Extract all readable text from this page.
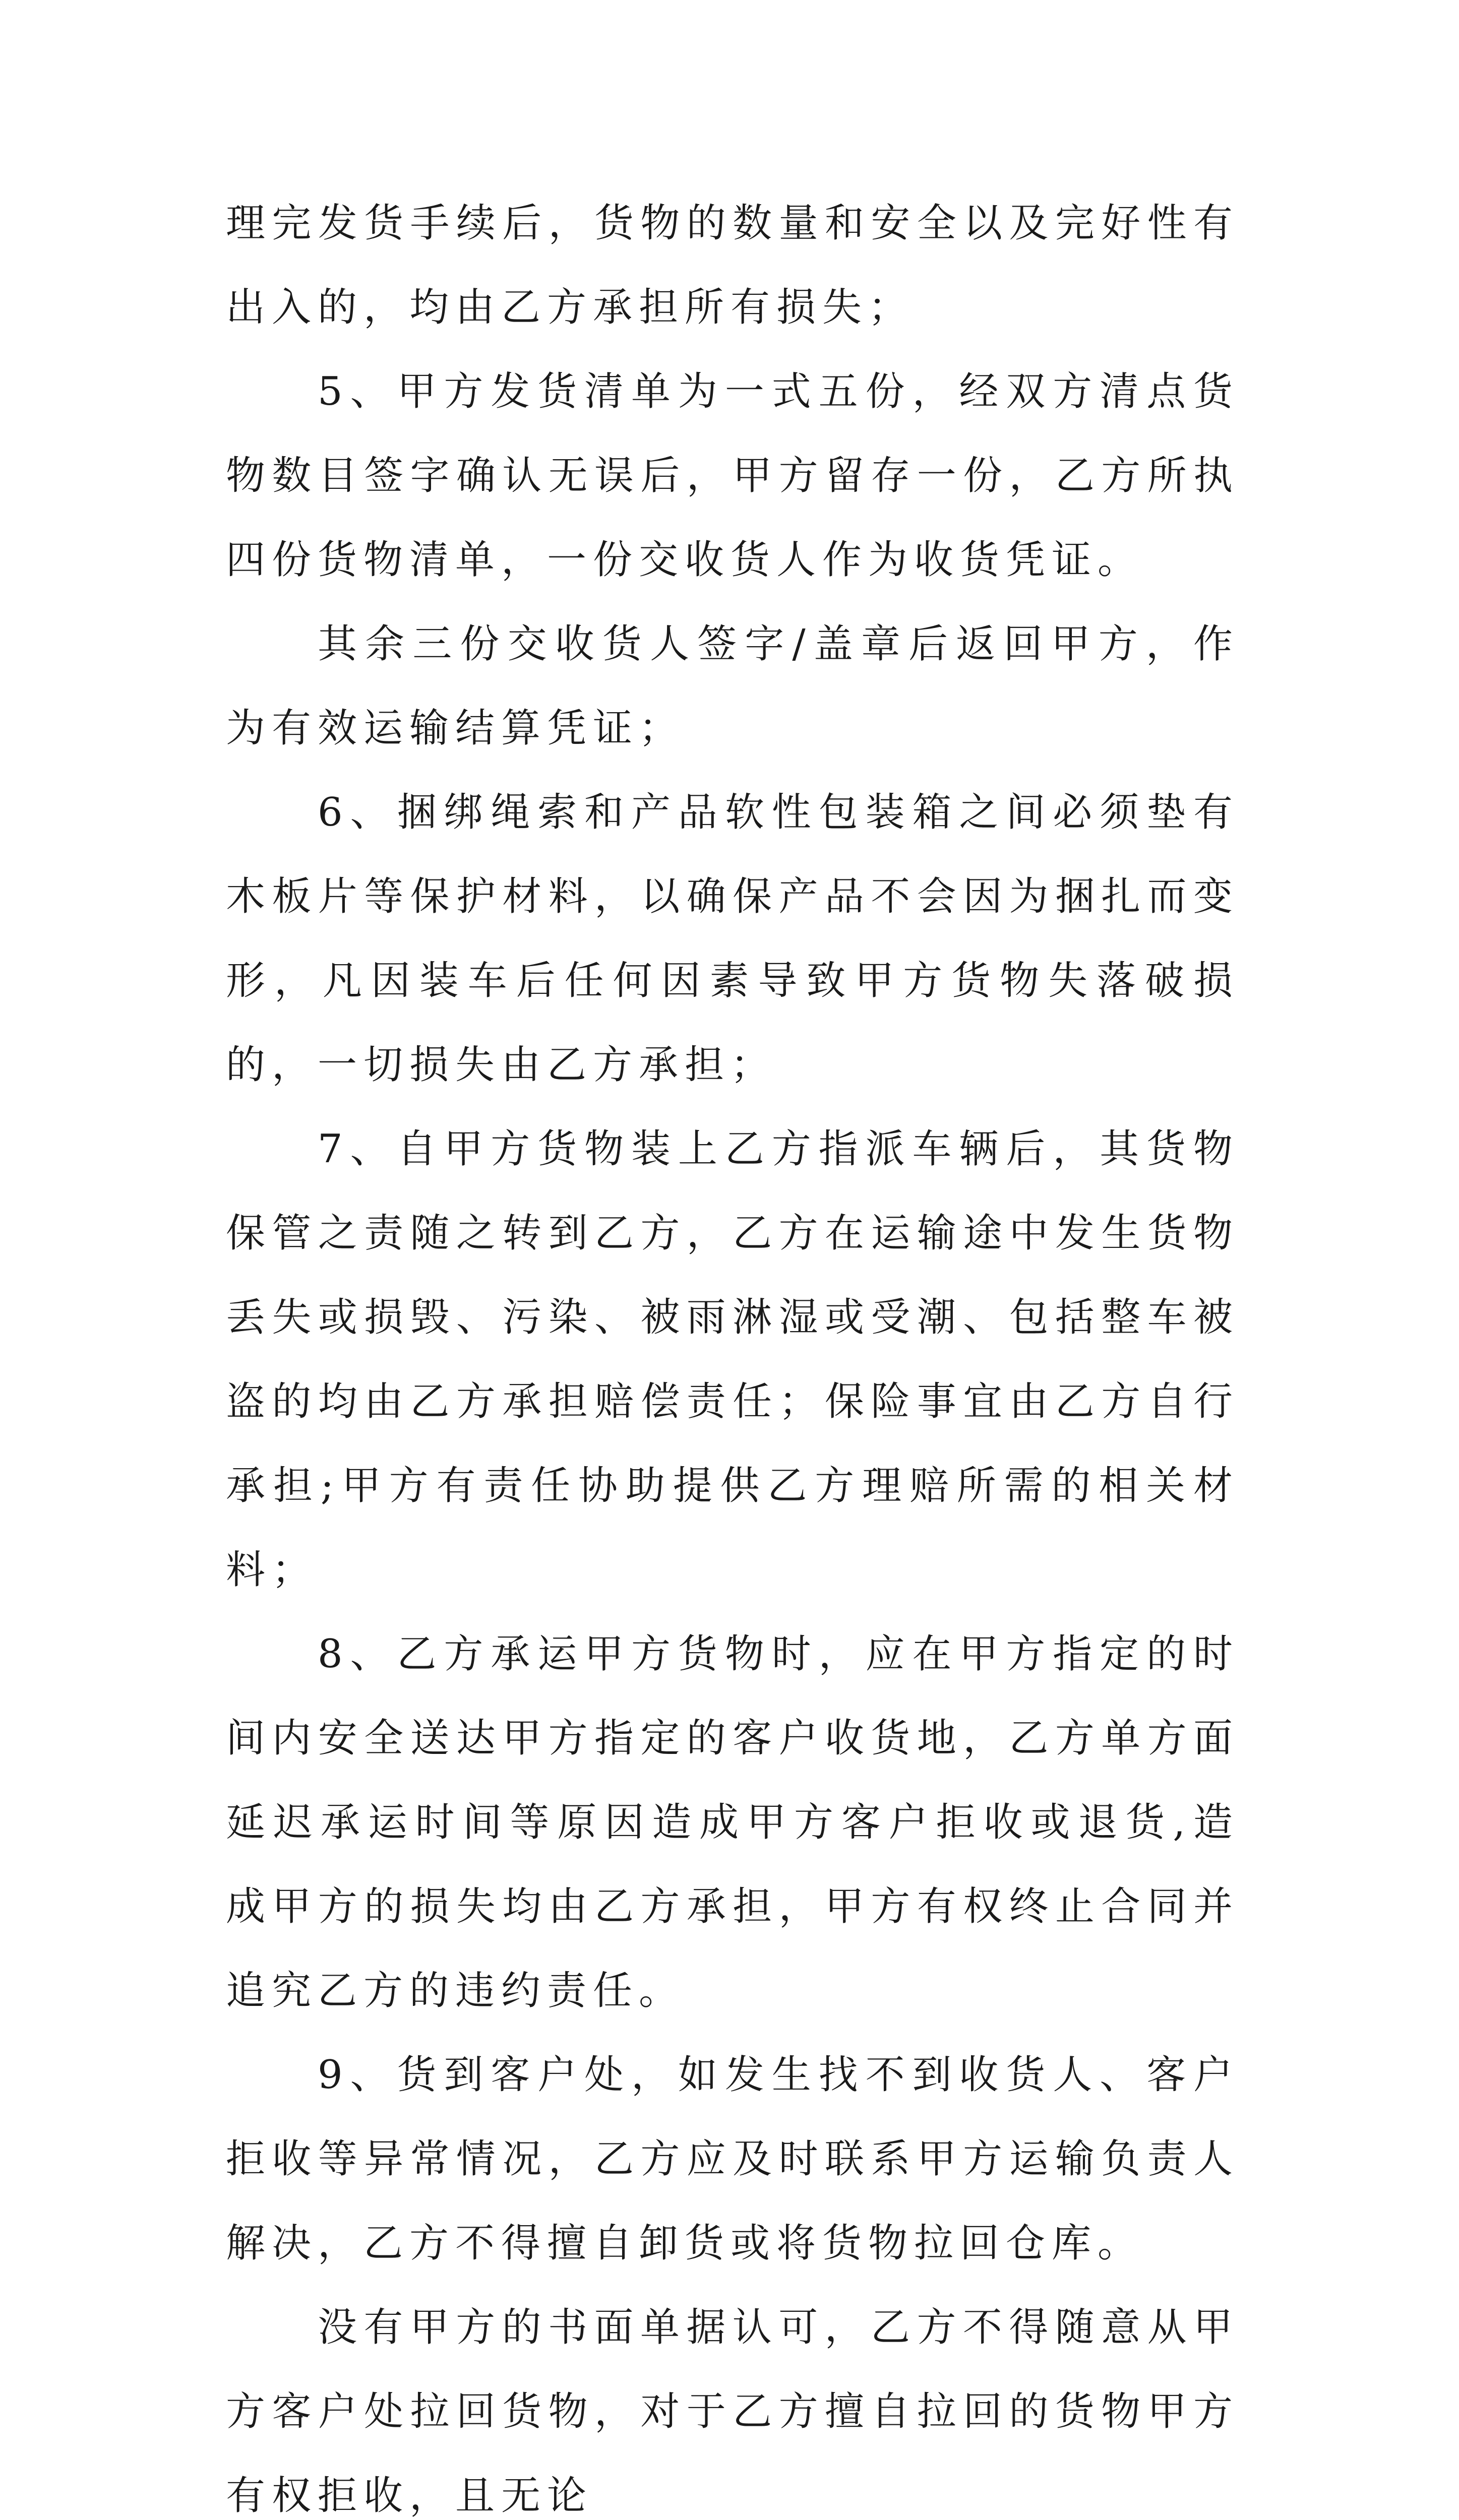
理完发货手续后，货物的数量和安全以及完好性有出入的，均由乙方承担所有损失；

5、甲方发货清单为一式五份，经双方清点货物数目签字确认无误后，甲方留存一份，乙方所执四份货物清单，一份交收货人作为收货凭证。

其余三份交收货人签字/盖章后返回甲方，作为有效运输结算凭证；

6、捆绑绳索和产品软性包装箱之间必须垫有木板片等保护材料，以确保产品不会因为捆扎而变形，凡因装车后任何因素导致甲方货物失落破损的，一切损失由乙方承担；

7、自甲方货物装上乙方指派车辆后，其货物保管之责随之转到乙方，乙方在运输途中发生货物丢失或损毁、污染、被雨淋湿或受潮、包括整车被盗的均由乙方承担赔偿责任；保险事宜由乙方自行承担;甲方有责任协助提供乙方理赔所需的相关材料；

8、乙方承运甲方货物时，应在甲方指定的时间内安全送达甲方指定的客户收货地，乙方单方面延迟承运时间等原因造成甲方客户拒收或退货,造成甲方的损失均由乙方承担，甲方有权终止合同并追究乙方的违约责任。

9、货到客户处，如发生找不到收货人、客户拒收等异常情况，乙方应及时联系甲方运输负责人解决，乙方不得擅自卸货或将货物拉回仓库。

没有甲方的书面单据认可，乙方不得随意从甲方客户处拉回货物，对于乙方擅自拉回的货物甲方有权拒收，且无论
